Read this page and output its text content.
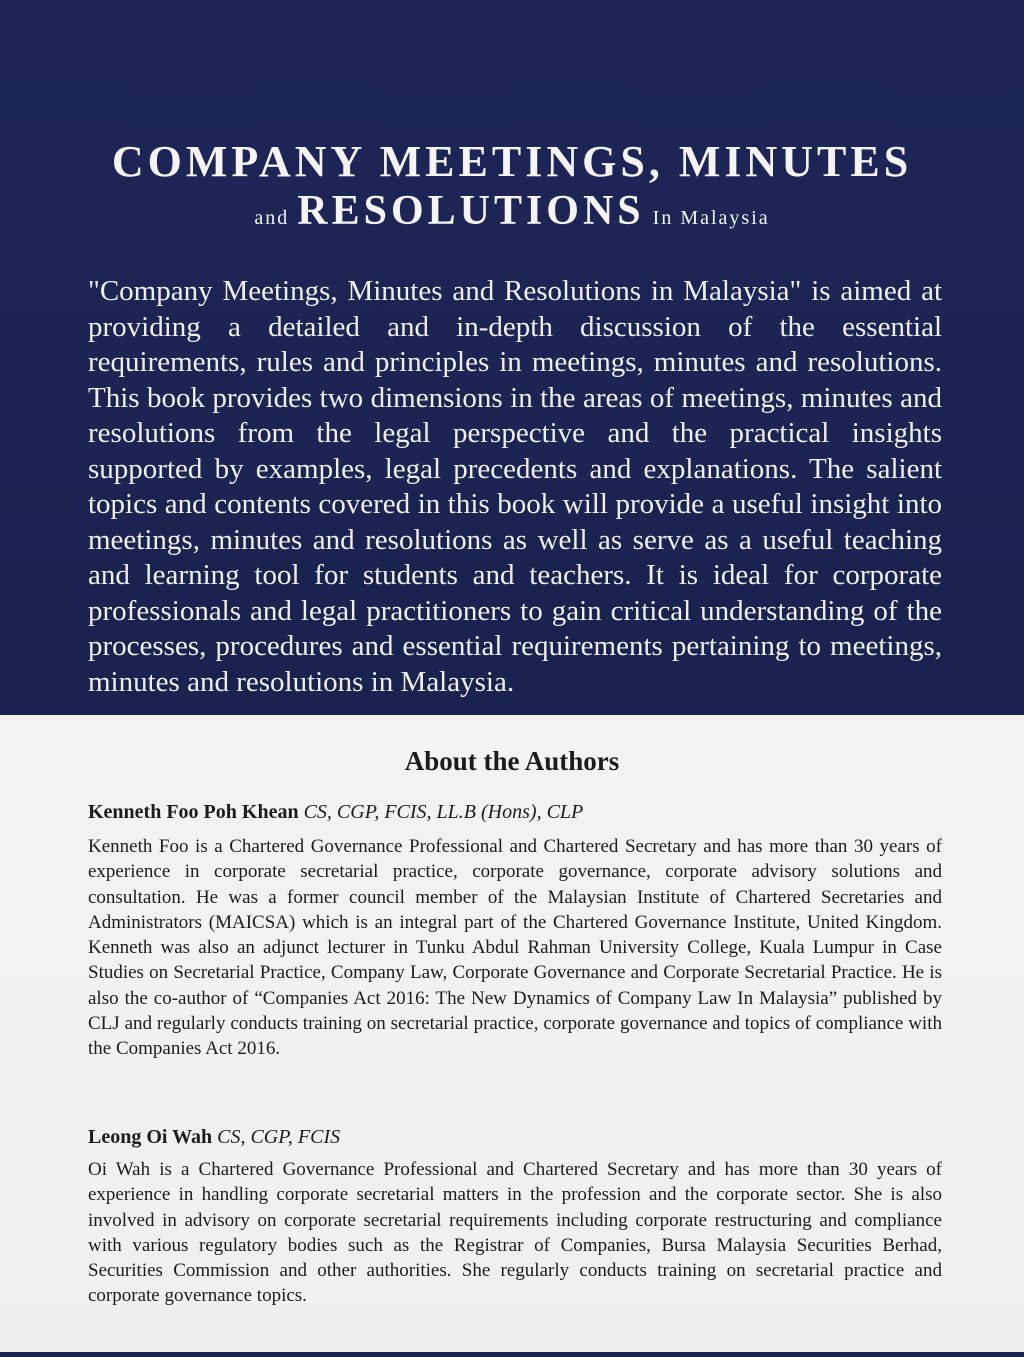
COMPANY MEETINGS, MINUTES
and RESOLUTIONS In Malaysia

"Company Meetings, Minutes and Resolutions in Malaysia" is aimed at providing a detailed and in-depth discussion of the essential requirements, rules and principles in meetings, minutes and resolutions. This book provides two dimensions in the areas of meetings, minutes and resolutions from the legal perspective and the practical insights supported by examples, legal precedents and explanations. The salient topics and contents covered in this book will provide a useful insight into meetings, minutes and resolutions as well as serve as a useful teaching and learning tool for students and teachers. It is ideal for corporate professionals and legal practitioners to gain critical understanding of the processes, procedures and essential requirements pertaining to meetings, minutes and resolutions in Malaysia.

About the Authors
Kenneth Foo Poh Khean CS, CGP, FCIS, LL.B (Hons), CLP

Kenneth Foo is a Chartered Governance Professional and Chartered Secretary and has more than 30 years of experience in corporate secretarial practice, corporate governance, corporate advisory solutions and consultation. He was a former council member of the Malaysian Institute of Chartered Secretaries and Administrators (MAICSA) which is an integral part of the Chartered Governance Institute, United Kingdom. Kenneth was also an adjunct lecturer in Tunku Abdul Rahman University College, Kuala Lumpur in Case Studies on Secretarial Practice, Company Law, Corporate Governance and Corporate Secretarial Practice. He is also the co-author of “Companies Act 2016: The New Dynamics of Company Law In Malaysia” published by CLJ and regularly conducts training on secretarial practice, corporate governance and topics of compliance with the Companies Act 2016.

Leong Oi Wah CS, CGP, FCIS

Oi Wah is a Chartered Governance Professional and Chartered Secretary and has more than 30 years of experience in handling corporate secretarial matters in the profession and the corporate sector. She is also involved in advisory on corporate secretarial requirements including corporate restructuring and compliance with various regulatory bodies such as the Registrar of Companies, Bursa Malaysia Securities Berhad, Securities Commission and other authorities. She regularly conducts training on secretarial practice and corporate governance topics.
